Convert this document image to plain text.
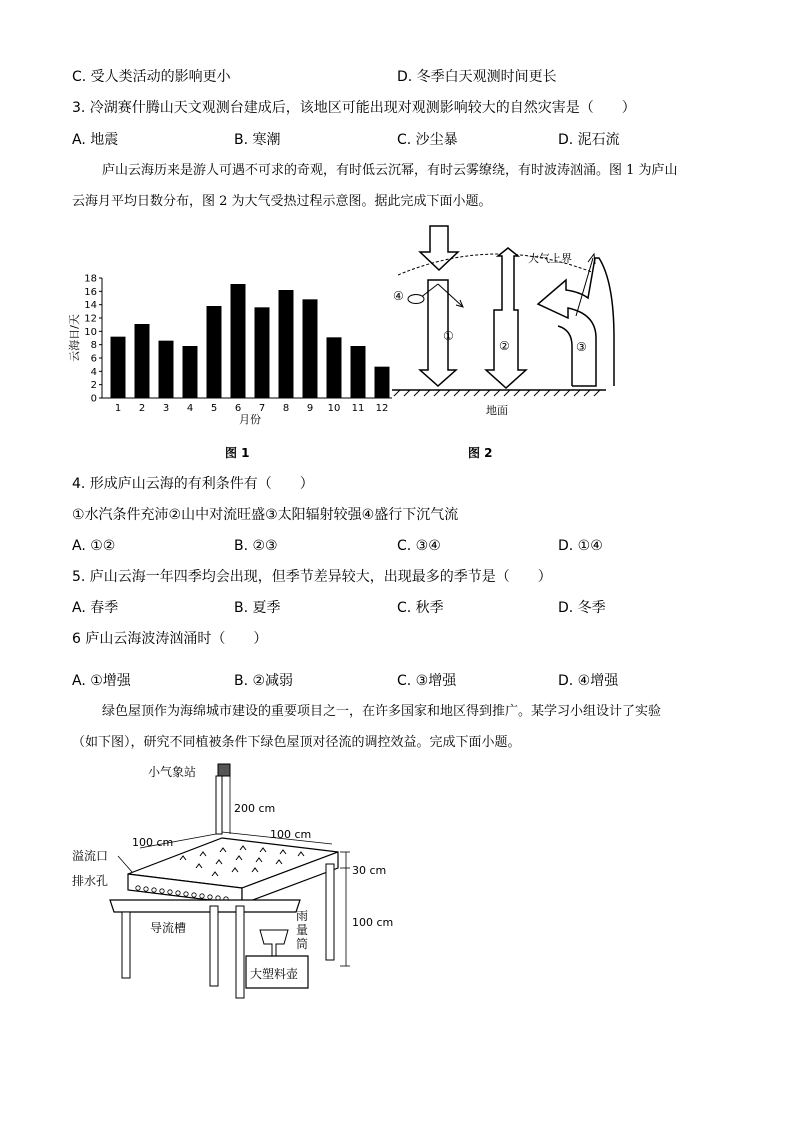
C. 受人类活动的影响更小	D. 冬季白天观测时间更长
3. 冷湖赛什腾山天文观测台建成后，该地区可能出现对观测影响较大的自然灾害是（　　）
A. 地震	B. 寒潮	C. 沙尘暴	D. 泥石流
庐山云海历来是游人可遇不可求的奇观，有时低云沉幂，有时云雾缭绕，有时波涛汹涌。图 1 为庐山
云海月平均日数分布，图 2 为大气受热过程示意图。据此完成下面小题。
0
2
4
6
8
10
12
14
16
18
1 2 3 4 5 6 7 8 9 10 11 12
月份
云海日/天
图 1
大气上界
①
④
②	③
地面
图 2
4. 形成庐山云海的有利条件有（　　）
①水汽条件充沛②山中对流旺盛③太阳辐射较强④盛行下沉气流
A. ①②	B. ②③	C. ③④	D. ①④
5. 庐山云海一年四季均会出现，但季节差异较大，出现最多的季节是（　　）
A. 春季	B. 夏季	C. 秋季	D. 冬季
6 庐山云海波涛汹涌时（　　）
A. ①增强	B. ②减弱	C. ③增强	D. ④增强
绿色屋顶作为海绵城市建设的重要项目之一，在许多国家和地区得到推广。某学习小组设计了实验
（如下图），研究不同植被条件下绿色屋顶对径流的调控效益。完成下面小题。
小气象站
200 cm
100 cm
100 cm
溢流口
排水孔
导流槽
30 cm
100 cm
雨
量
筒
大塑料壶
